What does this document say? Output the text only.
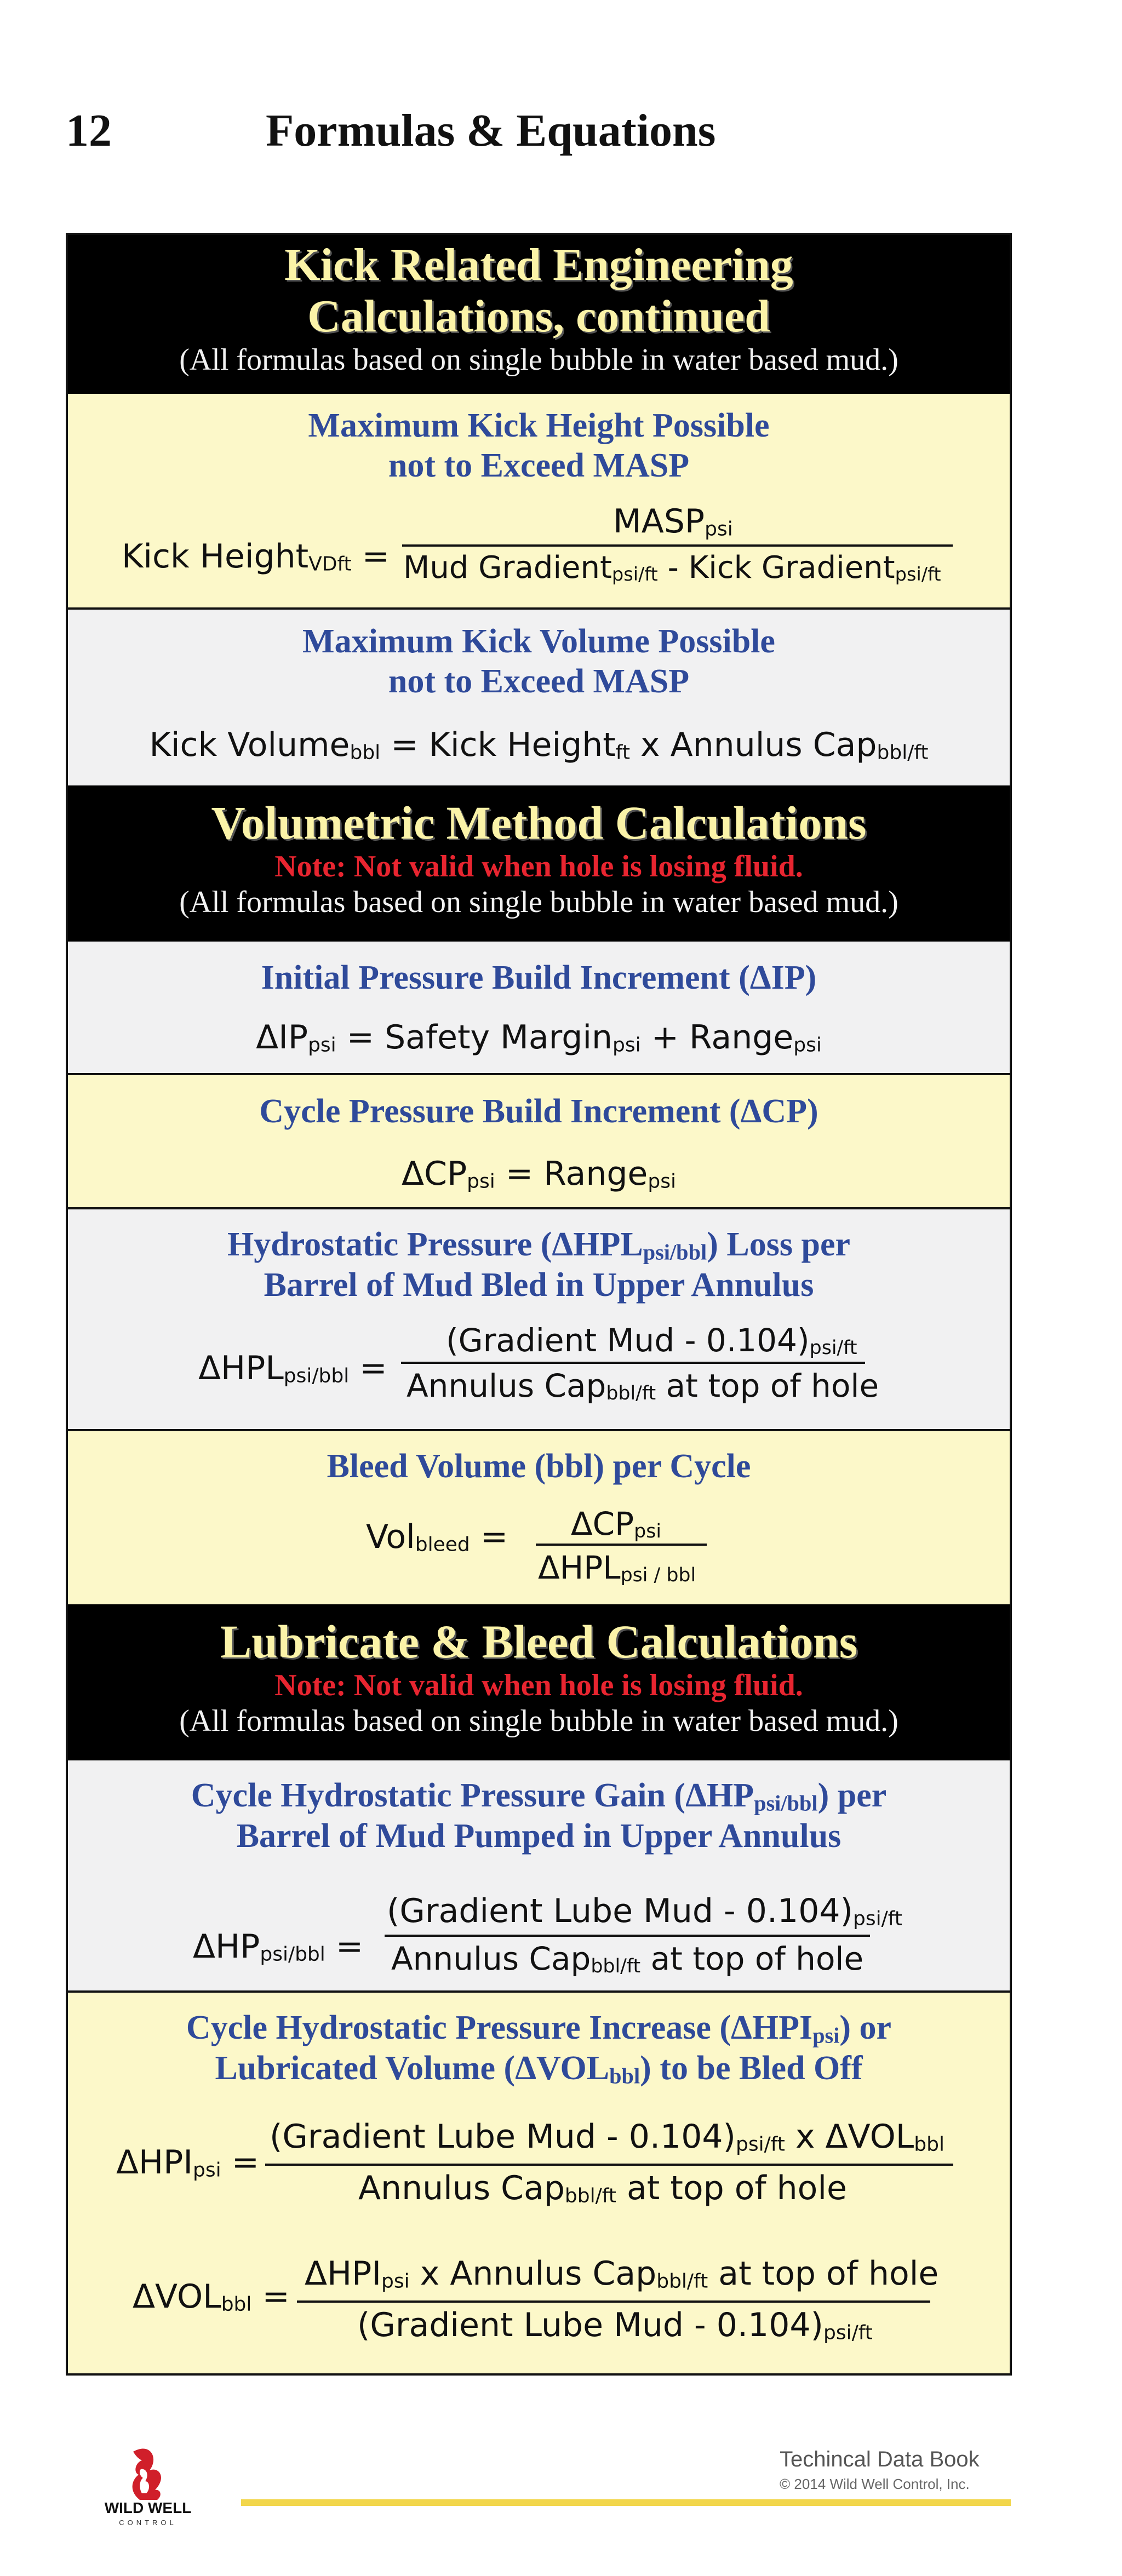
12	Formulas & Equations
Kick Related Engineering
Calculations, continued
(All formulas based on single bubble in water based mud.)
Maximum Kick Height Possible
not to Exceed MASP
Kick Height$_{VDft}$ =
$MASP_{psi}$
Mud Gradient$_{psi/ft}$ - Kick Gradient$_{psi/ft}$
Maximum Kick Volume Possible
not to Exceed MASP
Kick Volume$_{bbl}$ = Kick Height$_{ft}$ x Annulus Cap$_{bbl/ft}$
Volumetric Method Calculations
Note: Not valid when hole is losing fluid.
(All formulas based on single bubble in water based mud.)
Initial Pressure Build Increment (ΔIP)
$\Delta IP_{psi}$ = Safety Margin$_{psi}$ + Range$_{psi}$
Cycle Pressure Build Increment (ΔCP)
$\Delta CP_{psi}$ = Range$_{psi}$
Hydrostatic Pressure $(\Delta HPL_{psi/bbl})$ Loss per
Barrel of Mud Bled in Upper Annulus
$\Delta HPL_{psi/bbl}$ =
(Gradient Mud - $0.104)_{psi/ft}$
Annulus Cap$_{bbl/ft}$ at top of hole
Bleed Volume (bbl) per Cycle
$Vol_{bleed} = \Delta CP_{psi}$
$\Delta HPL_{psi / bbl}$
Lubricate & Bleed Calculations
Note: Not valid when hole is losing fluid.
(All formulas based on single bubble in water based mud.)
Cycle Hydrostatic Pressure Gain $(\Delta HP_{psi/bbl})$ per
Barrel of Mud Pumped in Upper Annulus
$\Delta HP_{psi/bbl}$ =
(Gradient Lube Mud - $0.104)_{psi/ft}$
Annulus Cap$_{bbl/ft}$ at top of hole
Cycle Hydrostatic Pressure Increase $(\Delta HPI_{psi})$ or
Lubricated Volume $(\Delta VOL_{bbl})$ to be Bled Off
$\Delta HPI_{psi}$ =
(Gradient Lube Mud - $0.104)_{psi/ft}$ x $\Delta VOL_{bbl}$
Annulus Cap$_{bbl/ft}$ at top of hole
$\Delta VOL_{bbl}$ =
$\Delta HPI_{psi}$ x Annulus Cap$_{bbl/ft}$ at top of hole
(Gradient Lube Mud - $0.104)_{psi/ft}$
WILD WELL
CONTROL
Techincal Data Book
© 2014 Wild Well Control, Inc.
